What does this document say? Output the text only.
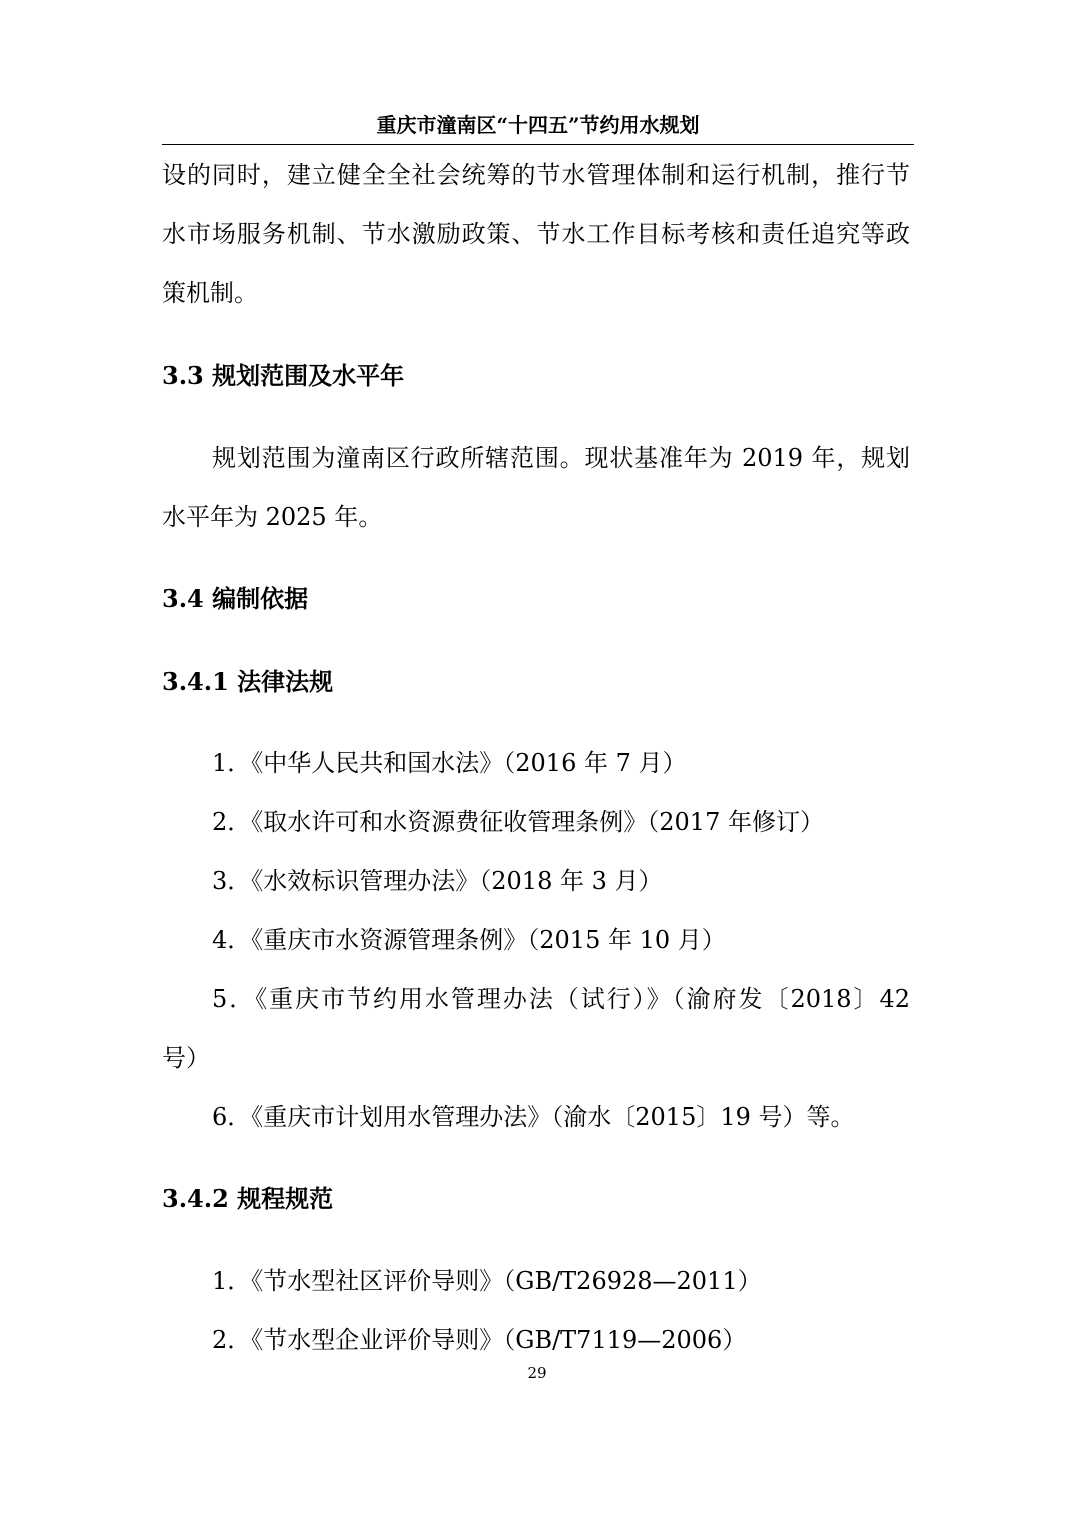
重庆市潼南区“十四五”节约用水规划
设的同时，建立健全全社会统筹的节水管理体制和运行机制，推行节
水市场服务机制、节水激励政策、节水工作目标考核和责任追究等政
策机制。
3.3 规划范围及水平年
规划范围为潼南区行政所辖范围。现状基准年为 2019 年，规划
水平年为 2025 年。
3.4 编制依据
3.4.1 法律法规
1．《中华人民共和国水法》（2016 年 7 月）
2．《取水许可和水资源费征收管理条例》（2017 年修订）
3．《水效标识管理办法》（2018 年 3 月）
4．《重庆市水资源管理条例》（2015 年 10 月）
5．《重庆市节约用水管理办法（试行）》（渝府发〔2018〕42
号）
6．《重庆市计划用水管理办法》（渝水〔2015〕19 号）等。
3.4.2 规程规范
1．《节水型社区评价导则》（GB/T26928—2011）
2．《节水型企业评价导则》（GB/T7119—2006）
29
